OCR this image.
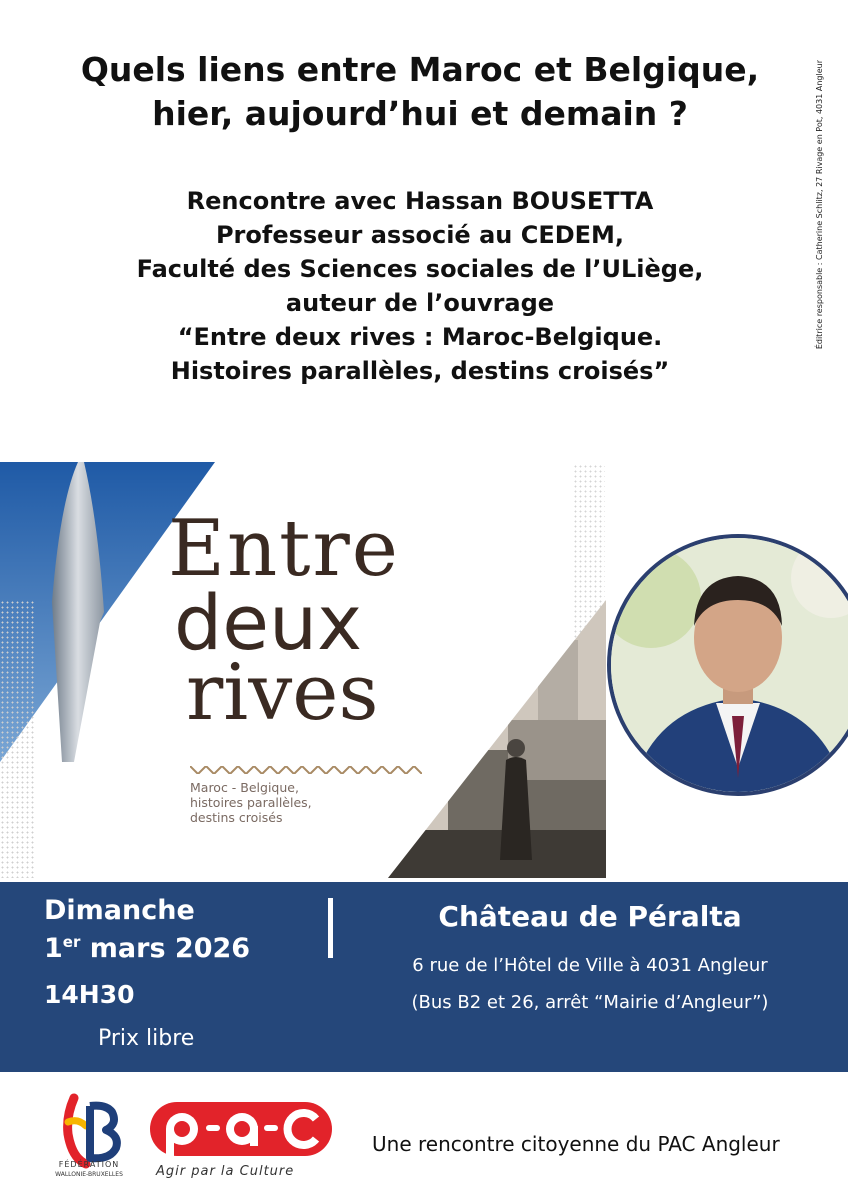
Quels liens entre Maroc et Belgique,
hier, aujourd’hui et demain ?	Éditrice responsable : Catherine Schlitz, 27 Rivage en Pot, 4031 Angleur
Rencontre avec Hassan BOUSETTA
Professeur associé au CEDEM,
Faculté des Sciences sociales de l’ULiège,
auteur de l’ouvrage
“Entre deux rives : Maroc-Belgique.
Histoires parallèles, destins croisés”
Entre
deux
rives
Maroc - Belgique,
histoires parallèles,
destins croisés
Dimanche
1er mars 2026
14H30
Prix libre
Château de Péralta
6 rue de l’Hôtel de Ville à 4031 Angleur
(Bus B2 et 26, arrêt “Mairie d’Angleur”)
FÉDÉRATION
WALLONIE-BRUXELLES	Agir par la Culture
Une rencontre citoyenne du PAC Angleur
